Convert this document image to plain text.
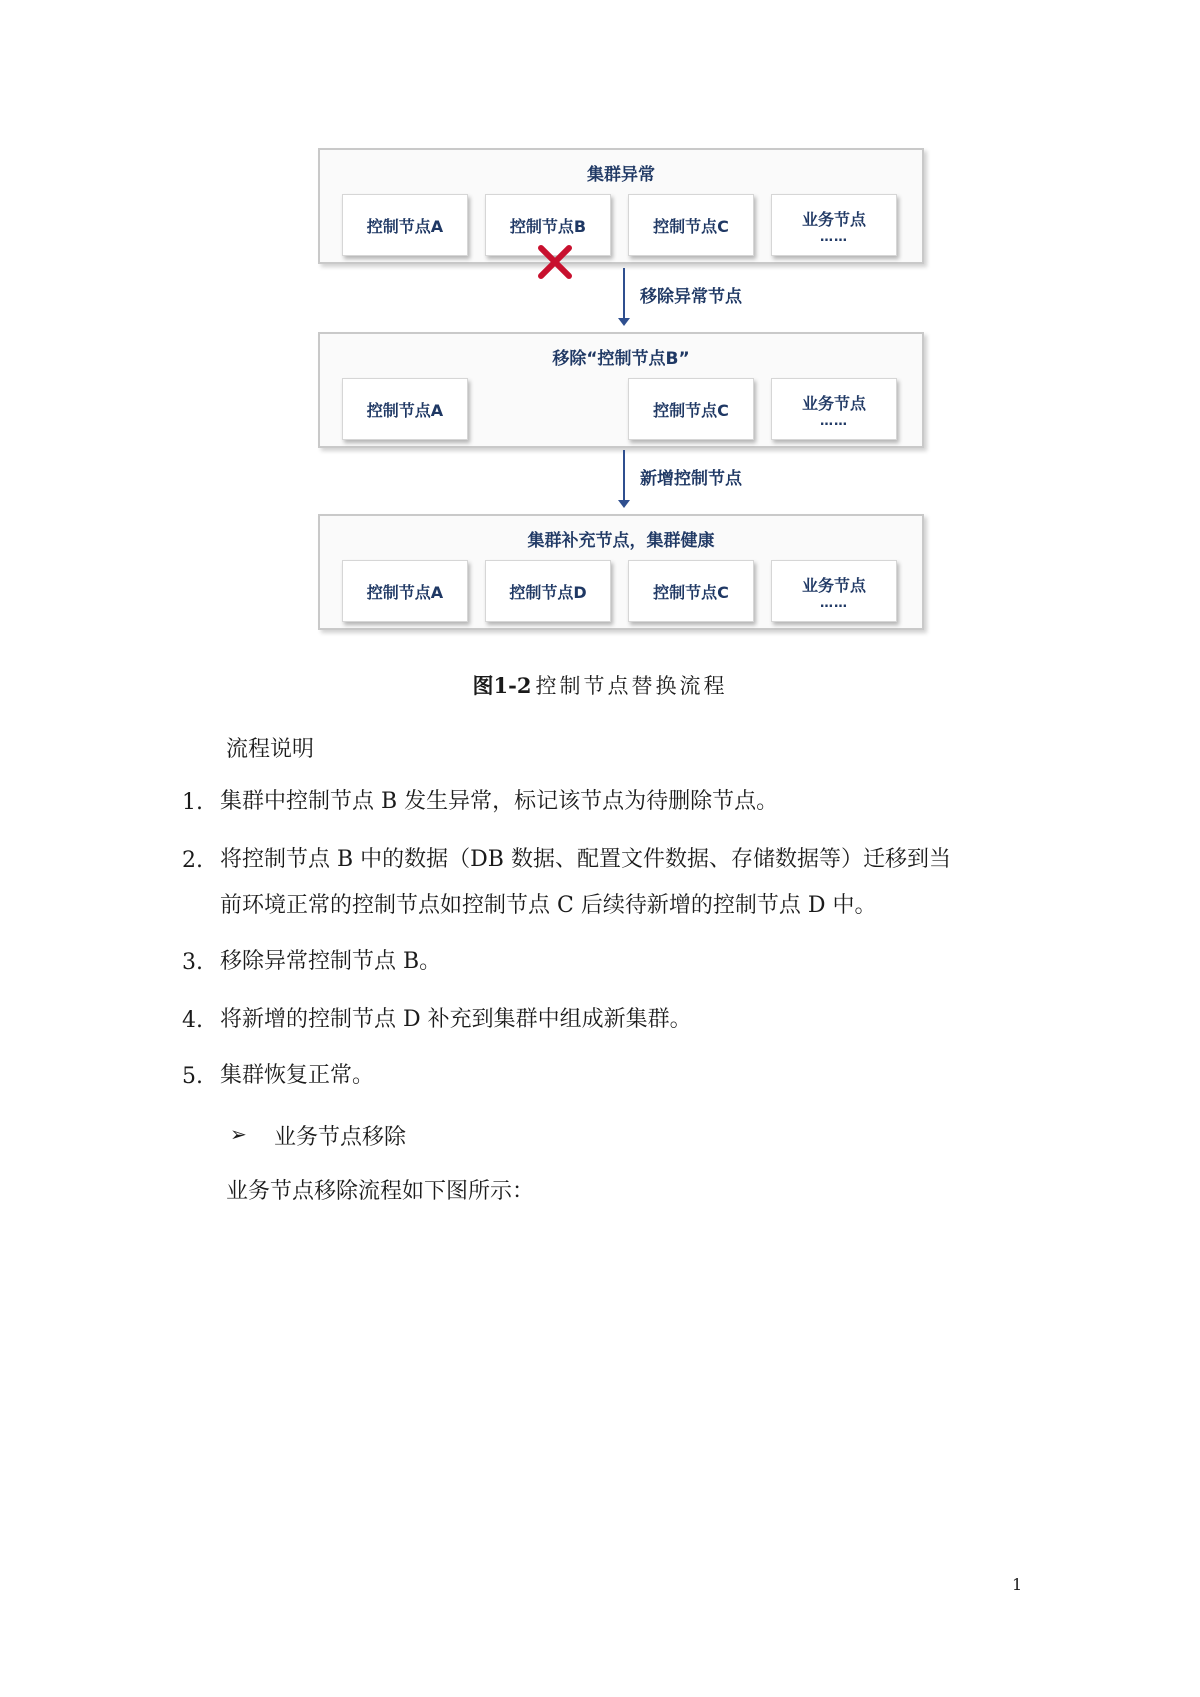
集群异常
控制节点A	控制节点B	控制节点C	业务节点
……
移除异常节点
移除“控制节点B”
控制节点A	控制节点C	业务节点
……
新增控制节点
集群补充节点，集群健康
控制节点A	控制节点D	控制节点C	业务节点
……
图1-2 控制节点替换流程
流程说明
1. 集群中控制节点 B 发生异常，标记该节点为待删除节点。
2. 将控制节点 B 中的数据（DB 数据、配置文件数据、存储数据等）迁移到当
前环境正常的控制节点如控制节点 C 后续待新增的控制节点 D 中。
3. 移除异常控制节点 B。
4. 将新增的控制节点 D 补充到集群中组成新集群。
5. 集群恢复正常。
➢ 业务节点移除
业务节点移除流程如下图所示：
1
